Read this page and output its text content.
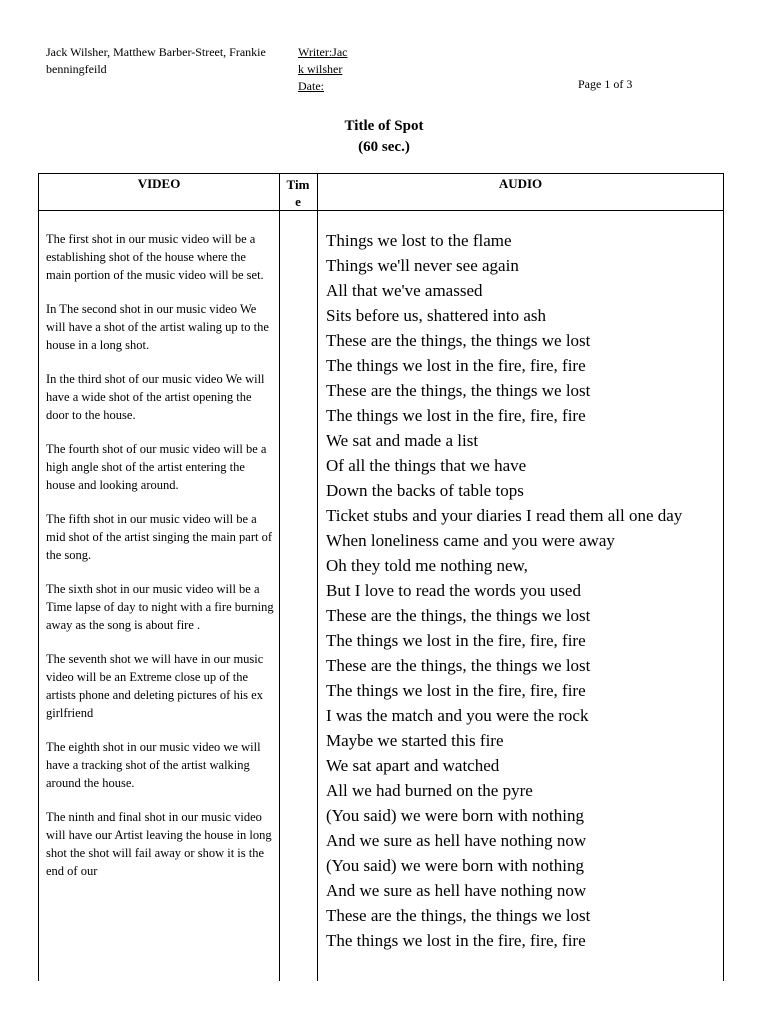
Jack Wilsher, Matthew Barber-Street, Frankie benningfeild
Writer:Jac
k wilsher
Date:	Page 1 of 3
Title of Spot
(60 sec.)
VIDEO	Tim
e
AUDIO
The first shot in our music video will be a establishing shot of the house where the main portion of the music video will be set.
In The second shot in our music video We will have a shot of the artist waling up to the house in a long shot.
In the third shot of our music video We will have a wide shot of the artist opening the door to the house.
The fourth shot of our music video will be a high angle shot of the artist entering the house and looking around.
The fifth shot in our music video will be a mid shot of the artist singing the main part of the song.
The sixth shot in our music video will be a Time lapse of day to night with a fire burning away as the song is about fire .
The seventh shot we will have in our music video will be an Extreme close up of the artists phone and deleting pictures of his ex girlfriend
The eighth shot in our music video we will have a tracking shot of the artist walking around the house.
The ninth and final shot in our music video will have our Artist leaving the house in long shot the shot will fail away or show it is the end of our
Things we lost to the flame
Things we'll never see again
All that we've amassed
Sits before us, shattered into ash
These are the things, the things we lost
The things we lost in the fire, fire, fire
These are the things, the things we lost
The things we lost in the fire, fire, fire
We sat and made a list
Of all the things that we have
Down the backs of table tops
Ticket stubs and your diaries I read them all one day
When loneliness came and you were away
Oh they told me nothing new,
But I love to read the words you used
These are the things, the things we lost
The things we lost in the fire, fire, fire
These are the things, the things we lost
The things we lost in the fire, fire, fire
I was the match and you were the rock
Maybe we started this fire
We sat apart and watched
All we had burned on the pyre
(You said) we were born with nothing
And we sure as hell have nothing now
(You said) we were born with nothing
And we sure as hell have nothing now
These are the things, the things we lost
The things we lost in the fire, fire, fire
